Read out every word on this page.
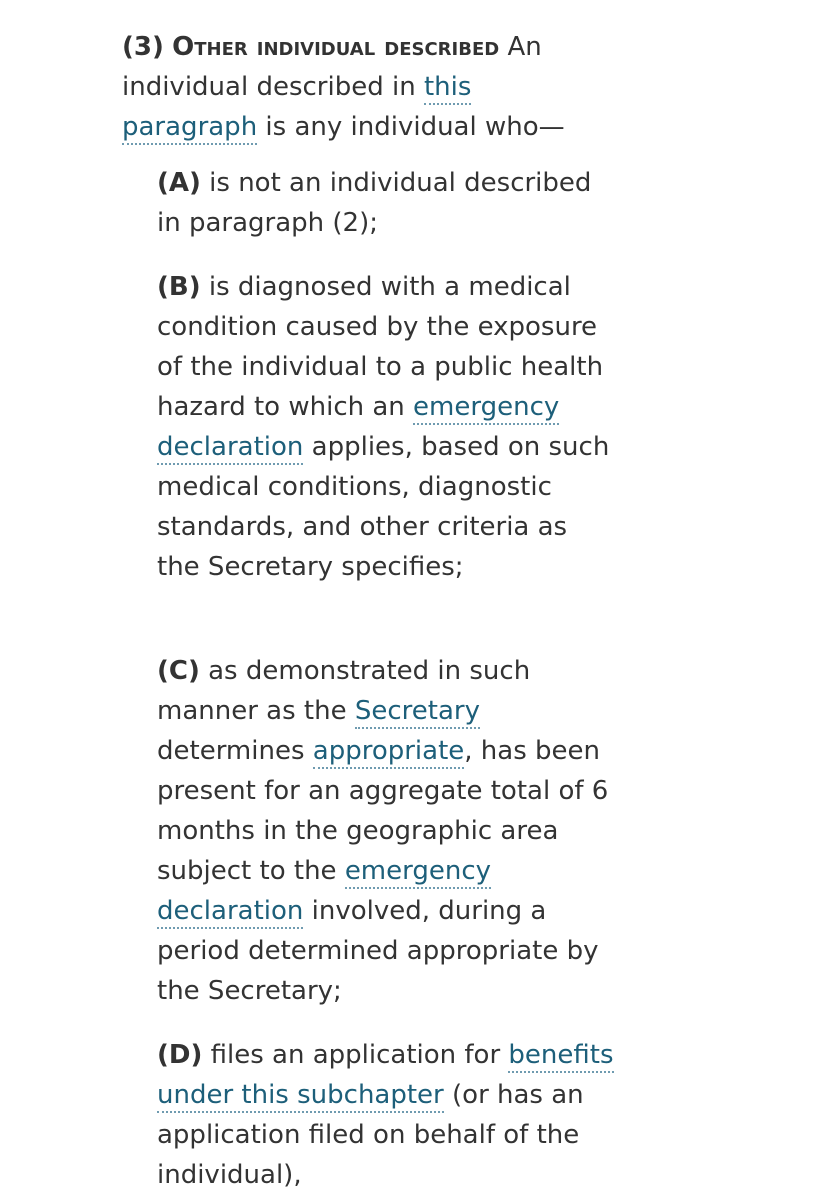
(3) Other individual described An individual described in this paragraph is any individual who—

(A) is not an individual described in paragraph (2);

(B) is diagnosed with a medical condition caused by the exposure of the individual to a public health hazard to which an emergency declaration applies, based on such medical conditions, diagnostic standards, and other criteria as the Secretary specifies;

(C) as demonstrated in such manner as the Secretary determines appropriate, has been present for an aggregate total of 6 months in the geographic area subject to the emergency declaration involved, during a period determined appropriate by the Secretary;

(D) files an application for benefits under this subchapter (or has an application filed on behalf of the individual),
